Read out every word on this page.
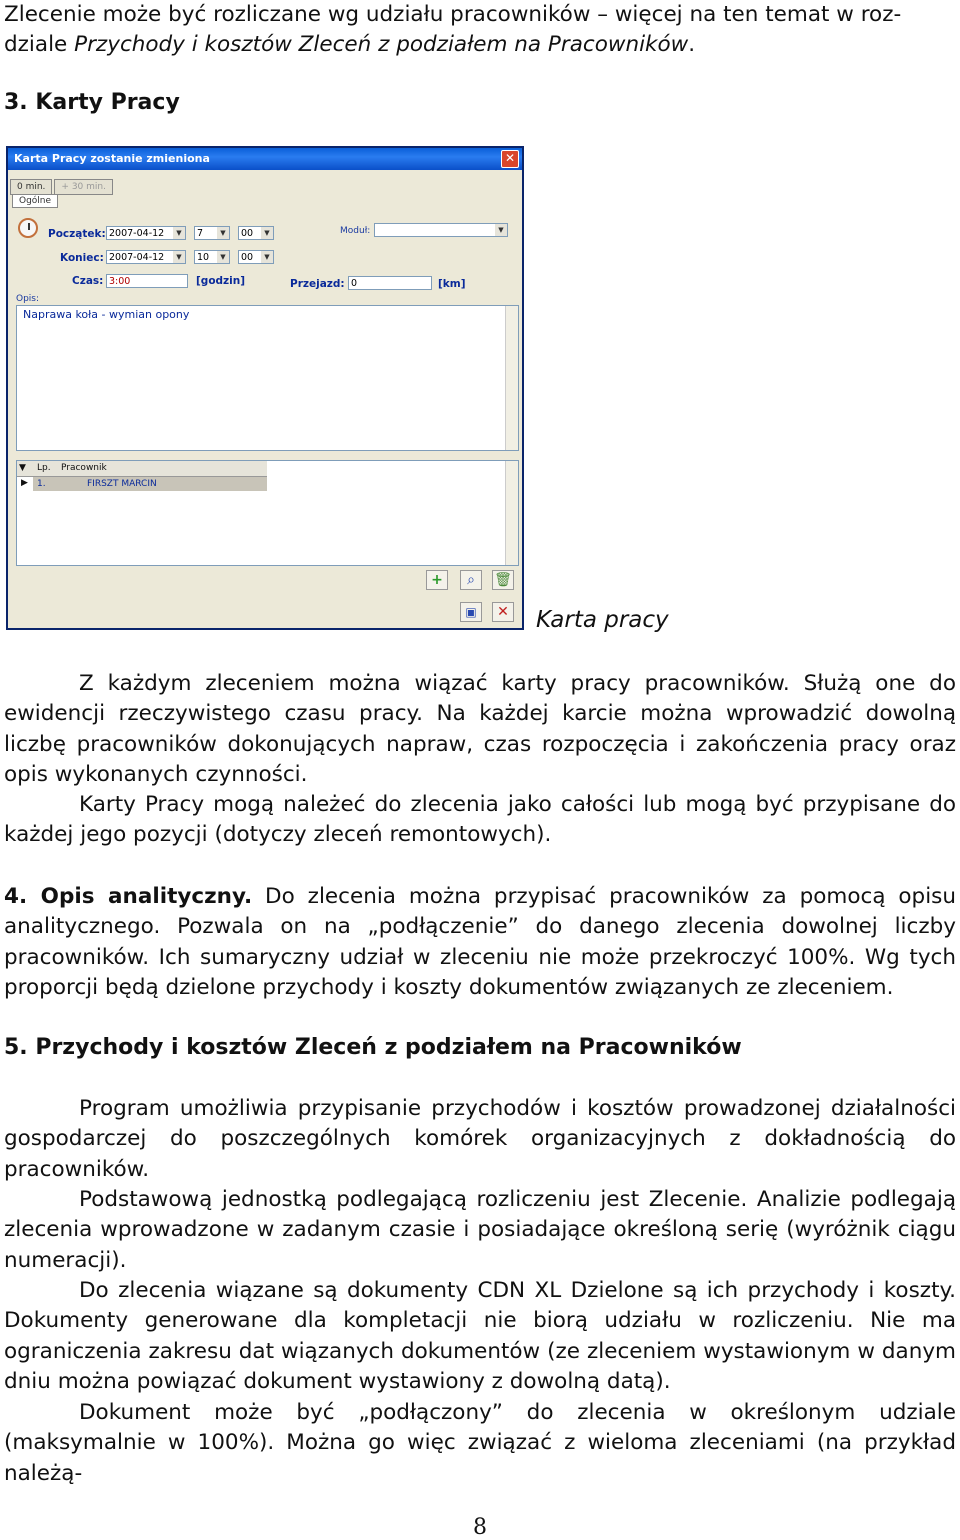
Zlecenie może być rozliczane wg udziału pracowników – więcej na ten temat w roz-
dziale Przychody i kosztów Zleceń z podziałem na Pracowników.

3. Karty Pracy
Karta Pracy zostanie zmieniona	✕
0 min. + 30 min.
Ogólne
Początek: 2007-04-12	▼	7	▼	00	▼
Koniec: 2007-04-12	▼	10	▼	00	▼
Czas: 3:00	[godzin]
Moduł:	▼
Przejazd: 0	[km]
Opis:
Naprawa koła - wymian opony
▼ Lp. Pracownik
▶ 1.	FIRSZT MARCIN
+	⌕	🗑
▣	✕ Karta pracy

Z każdym zleceniem można wiązać karty pracy pracowników. Służą one do ewidencji rzeczywistego czasu pracy. Na każdej karcie można wprowadzić dowolną liczbę pracowników dokonujących napraw, czas rozpoczęcia i zakończenia pracy oraz opis wykonanych czynności.

Karty Pracy mogą należeć do zlecenia jako całości lub mogą być przypisane do każdej jego pozycji (dotyczy zleceń remontowych).

4. Opis analityczny. Do zlecenia można przypisać pracowników za pomocą opisu analitycznego. Pozwala on na „podłączenie” do danego zlecenia dowolnej liczby pracowników. Ich sumaryczny udział w zleceniu nie może przekroczyć 100%. Wg tych proporcji będą dzielone przychody i koszty dokumentów związanych ze zleceniem.

5. Przychody i kosztów Zleceń z podziałem na Pracowników

Program umożliwia przypisanie przychodów i kosztów prowadzonej działalności gospodarczej do poszczególnych komórek organizacyjnych z dokładnością do pracowników.

Podstawową jednostką podlegającą rozliczeniu jest Zlecenie. Analizie podlegają zlecenia wprowadzone w zadanym czasie i posiadające określoną serię (wyróżnik ciągu numeracji).

Do zlecenia wiązane są dokumenty CDN XL Dzielone są ich przychody i koszty. Dokumenty generowane dla kompletacji nie biorą udziału w rozliczeniu. Nie ma ograniczenia zakresu dat wiązanych dokumentów (ze zleceniem wystawionym w danym dniu można powiązać dokument wystawiony z dowolną datą).

Dokument może być „podłączony” do zlecenia w określonym udziale (maksymalnie w 100%). Można go więc związać z wieloma zleceniami (na przykład należą-

8
